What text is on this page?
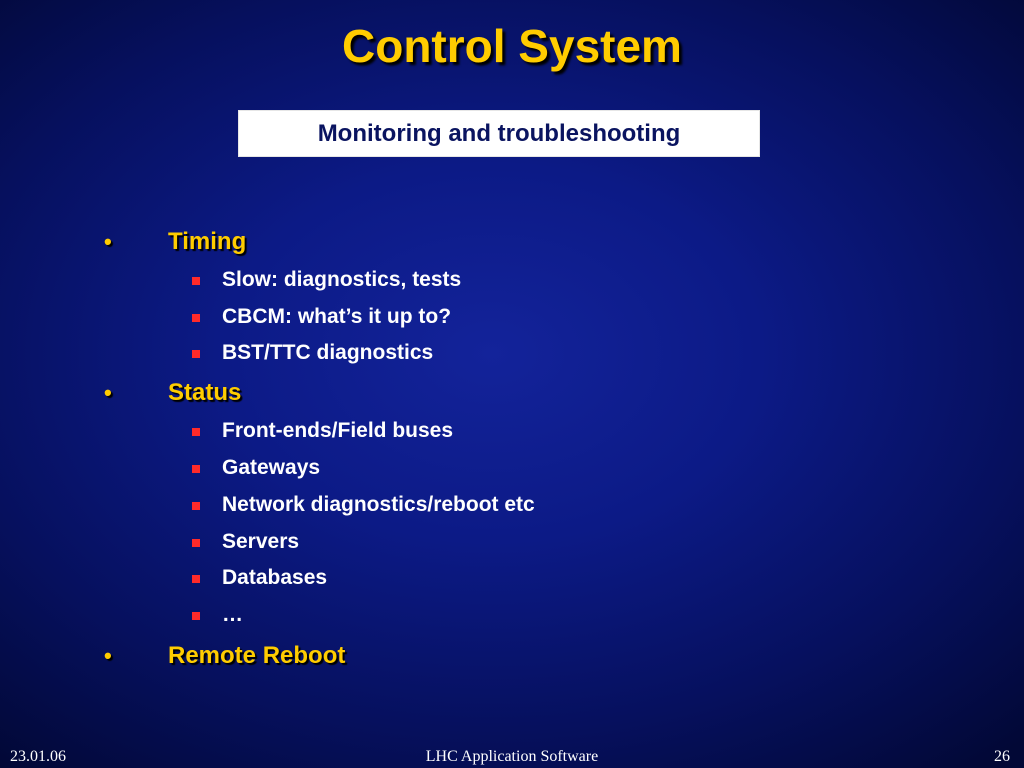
Control System
Monitoring and troubleshooting
• Timing
Slow: diagnostics, tests
CBCM: what’s it up to?
BST/TTC diagnostics
• Status
Front-ends/Field buses
Gateways
Network diagnostics/reboot etc
Servers
Databases
…
• Remote Reboot
23.01.06	LHC Application Software	26
